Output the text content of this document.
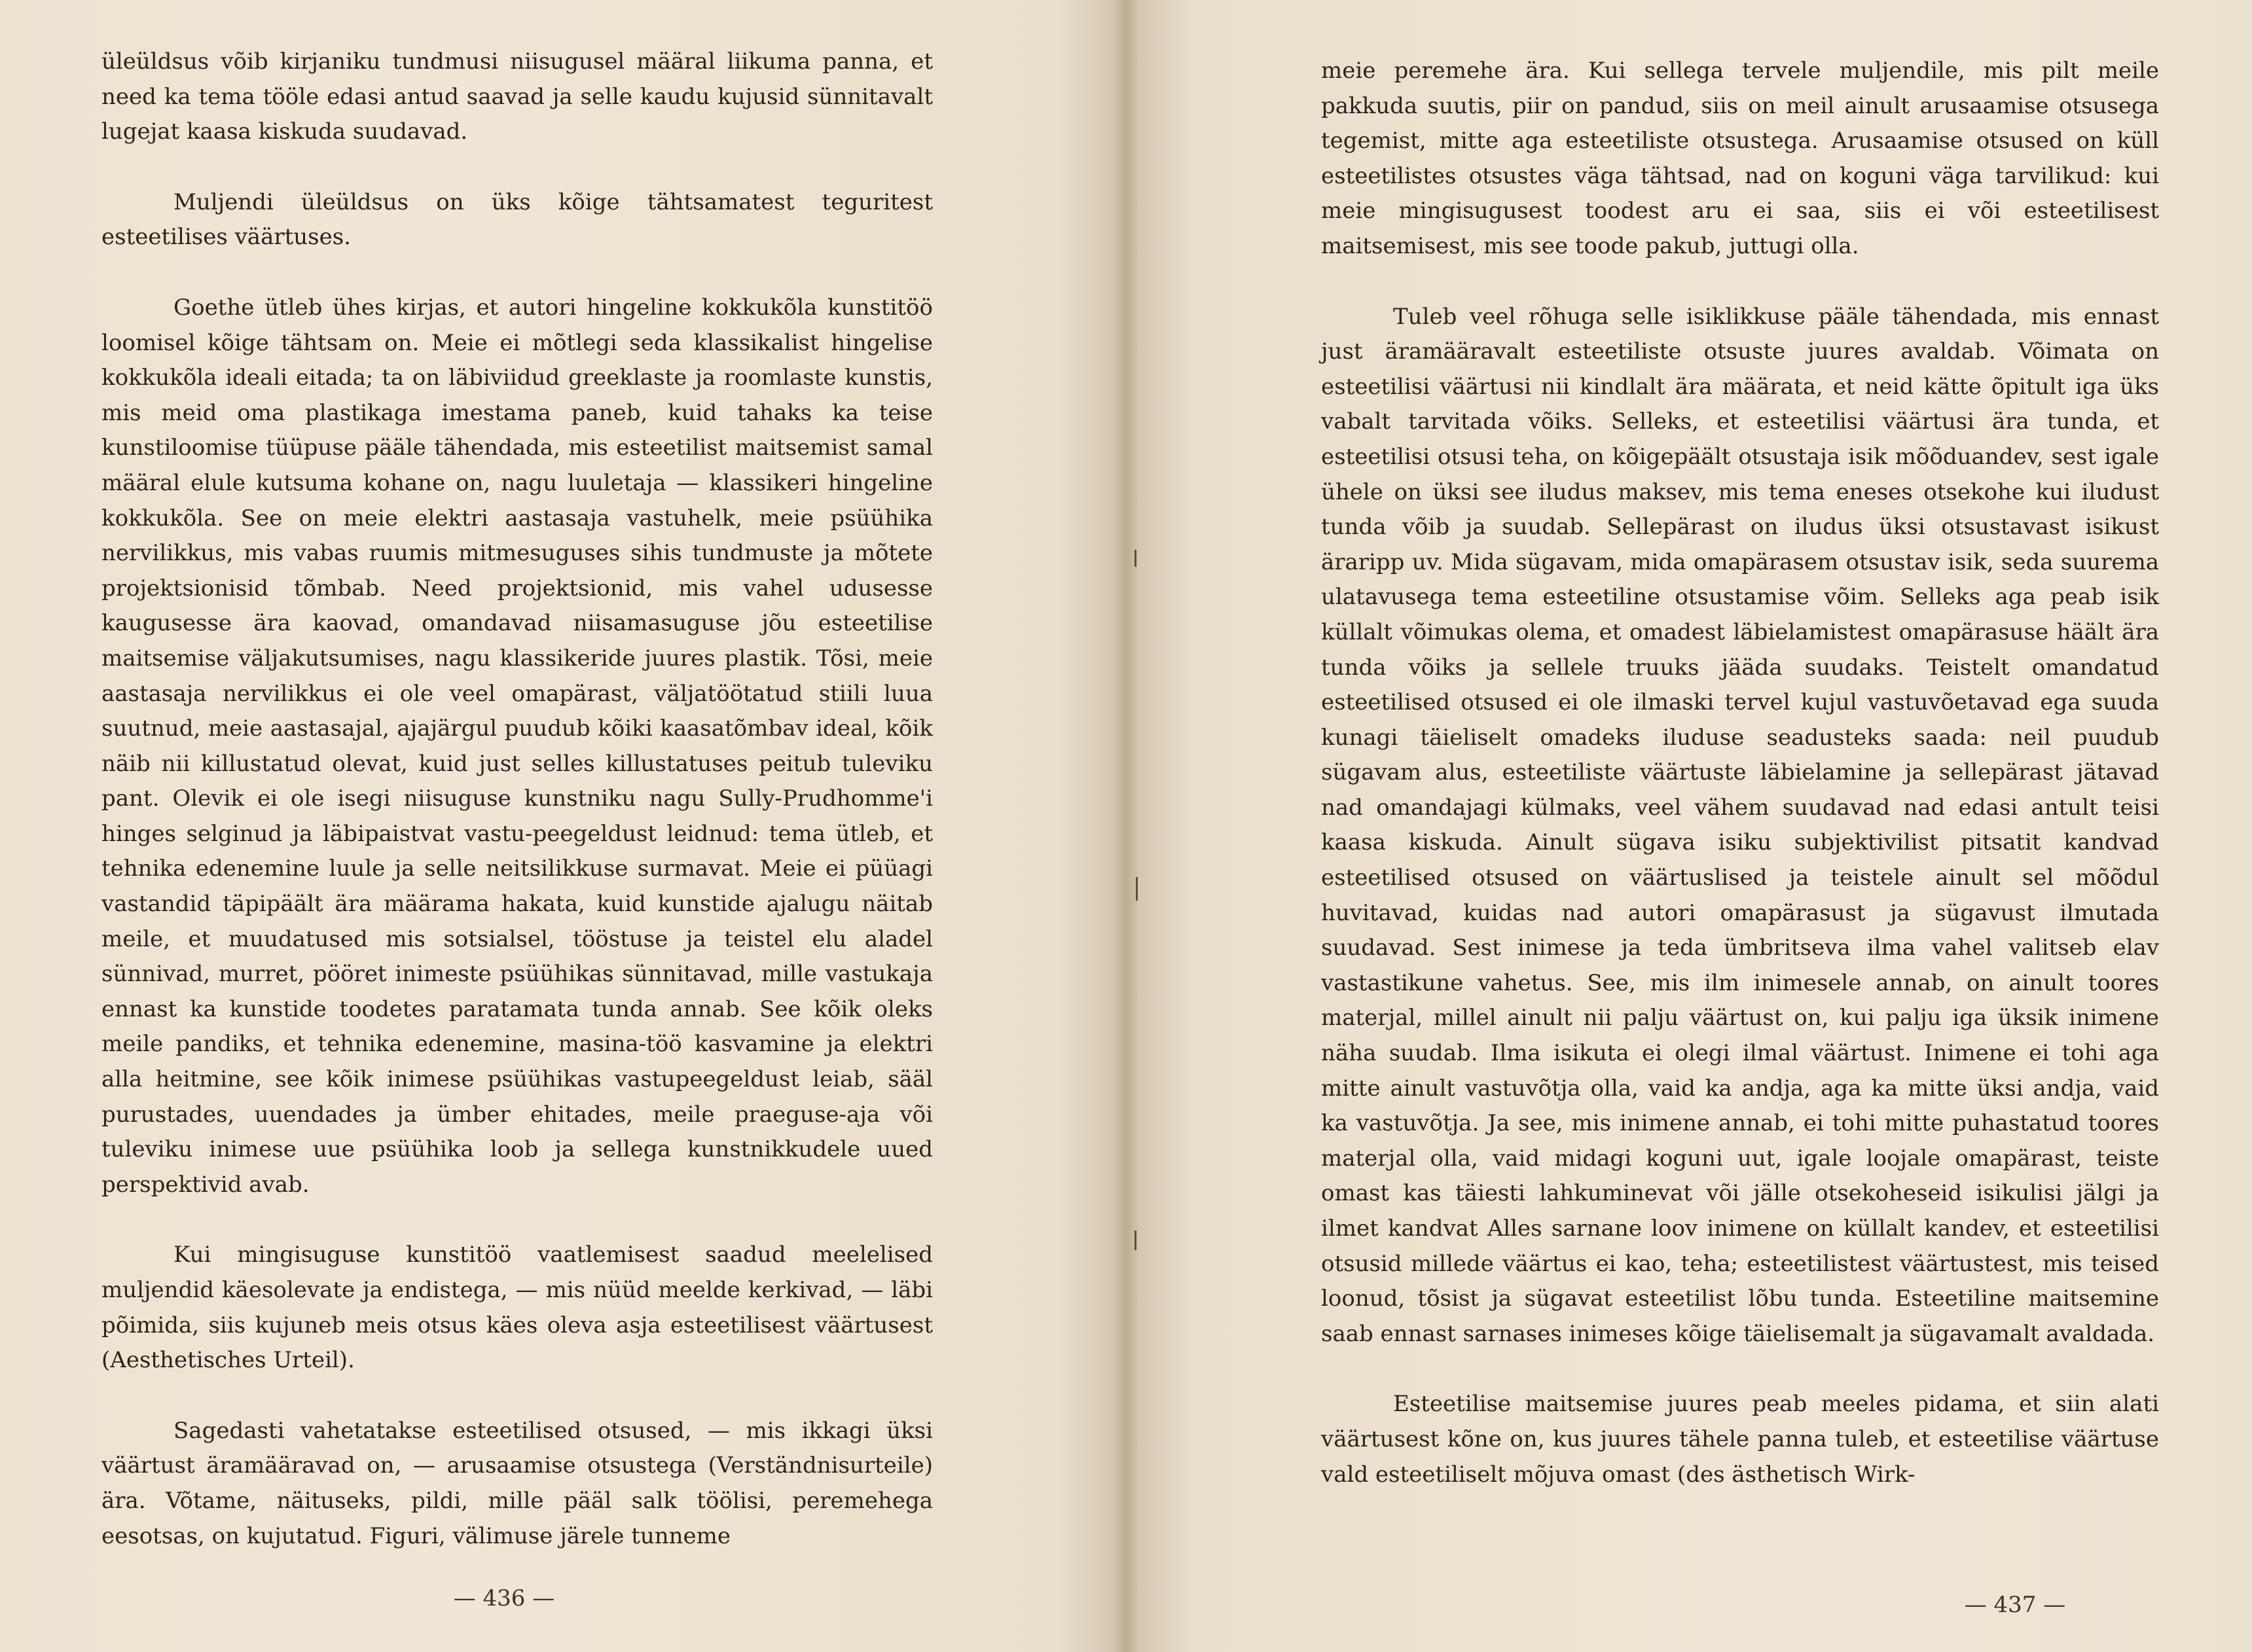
üleüldsus võib kirjaniku tundmusi niisugusel määral liikuma panna, et need ka tema tööle edasi antud saavad ja selle kaudu kujusid sünnitavalt lugejat kaasa kiskuda suudavad.

Muljendi üleüldsus on üks kõige tähtsamatest teguritest esteetilises väärtuses.

Goethe ütleb ühes kirjas, et autori hingeline kokkukõla kunstitöö loomisel kõige tähtsam on. Meie ei mõtlegi seda klassikalist hingelise kokkukõla ideali eitada; ta on läbiviidud greeklaste ja roomlaste kunstis, mis meid oma plastikaga imestama paneb, kuid tahaks ka teise kunstiloomise tüüpuse pääle tähendada, mis esteetilist maitsemist samal määral elule kutsuma kohane on, nagu luuletaja — klassikeri hingeline kokkukõla. See on meie elektri aastasaja vastuhelk, meie psüühika nervilikkus, mis vabas ruumis mitmesuguses sihis tundmuste ja mõtete projektsionisid tõmbab. Need projektsionid, mis vahel udusesse kaugusesse ära kaovad, omandavad niisamasuguse jõu esteetilise maitsemise väljakutsumises, nagu klassikeride juures plastik. Tõsi, meie aastasaja nervilikkus ei ole veel omapärast, väljatöötatud stiili luua suutnud, meie aastasajal, ajajärgul puudub kõiki kaasatõmbav ideal, kõik näib nii killustatud olevat, kuid just selles killustatuses peitub tuleviku pant. Olevik ei ole isegi niisuguse kunstniku nagu Sully-Prudhomme'i hinges selginud ja läbipaistvat vastu-peegeldust leidnud: tema ütleb, et tehnika edenemine luule ja selle neitsilikkuse surmavat. Meie ei püüagi vastandid täpipäält ära määrama hakata, kuid kunstide ajalugu näitab meile, et muudatused mis sotsialsel, tööstuse ja teistel elu aladel sünnivad, murret, pööret inimeste psüühikas sünnitavad, mille vastukaja ennast ka kunstide toodetes paratamata tunda annab. See kõik oleks meile pandiks, et tehnika edenemine, masina-töö kasvamine ja elektri alla heitmine, see kõik inimese psüühikas vastupeegeldust leiab, sääl purustades, uuendades ja ümber ehitades, meile praeguse-aja või tuleviku inimese uue psüühika loob ja sellega kunstnikkudele uued perspektivid avab.

Kui mingisuguse kunstitöö vaatlemisest saadud meelelised muljendid käesolevate ja endistega, — mis nüüd meelde kerkivad, — läbi põimida, siis kujuneb meis otsus käes oleva asja esteetilisest väärtusest (Aesthetisches Urteil).

Sagedasti vahetatakse esteetilised otsused, — mis ikkagi üksi väärtust äramääravad on, — arusaamise otsustega (Verständnisurteile) ära. Võtame, näituseks, pildi, mille pääl salk töölisi, peremehega eesotsas, on kujutatud. Figuri, välimuse järele tunneme

— 436 —

meie peremehe ära. Kui sellega tervele muljendile, mis pilt meile pakkuda suutis, piir on pandud, siis on meil ainult arusaamise otsusega tegemist, mitte aga esteetiliste otsustega. Arusaamise otsused on küll esteetilistes otsustes väga tähtsad, nad on koguni väga tarvilikud: kui meie mingisugusest toodest aru ei saa, siis ei või esteetilisest maitsemisest, mis see toode pakub, juttugi olla.

Tuleb veel rõhuga selle isiklikkuse pääle tähendada, mis ennast just äramääravalt esteetiliste otsuste juures avaldab. Võimata on esteetilisi väärtusi nii kindlalt ära määrata, et neid kätte õpitult iga üks vabalt tarvitada võiks. Selleks, et esteetilisi väärtusi ära tunda, et esteetilisi otsusi teha, on kõigepäält otsustaja isik mõõduandev, sest igale ühele on üksi see iludus maksev, mis tema eneses otsekohe kui iludust tunda võib ja suudab. Sellepärast on iludus üksi otsustavast isikust äraripp uv. Mida sügavam, mida omapärasem otsustav isik, seda suurema ulatavusega tema esteetiline otsustamise võim. Selleks aga peab isik küllalt võimukas olema, et omadest läbielamistest omapärasuse häält ära tunda võiks ja sellele truuks jääda suudaks. Teistelt omandatud esteetilised otsused ei ole ilmaski tervel kujul vastuvõetavad ega suuda kunagi täieliselt omadeks iluduse seadusteks saada: neil puudub sügavam alus, esteetiliste väärtuste läbielamine ja sellepärast jätavad nad omandajagi külmaks, veel vähem suudavad nad edasi antult teisi kaasa kiskuda. Ainult sügava isiku subjektivilist pitsatit kandvad esteetilised otsused on väärtuslised ja teistele ainult sel mõõdul huvitavad, kuidas nad autori omapärasust ja sügavust ilmutada suudavad. Sest inimese ja teda ümbritseva ilma vahel valitseb elav vastastikune vahetus. See, mis ilm inimesele annab, on ainult toores materjal, millel ainult nii palju väärtust on, kui palju iga üksik inimene näha suudab. Ilma isikuta ei olegi ilmal väärtust. Inimene ei tohi aga mitte ainult vastuvõtja olla, vaid ka andja, aga ka mitte üksi andja, vaid ka vastuvõtja. Ja see, mis inimene annab, ei tohi mitte puhastatud toores materjal olla, vaid midagi koguni uut, igale loojale omapärast, teiste omast kas täiesti lahkuminevat või jälle otsekoheseid isikulisi jälgi ja ilmet kandvat Alles sarnane loov inimene on küllalt kandev, et esteetilisi otsusid millede väärtus ei kao, teha; esteetilistest väärtustest, mis teised loonud, tõsist ja sügavat esteetilist lõbu tunda. Esteetiline maitsemine saab ennast sarnases inimeses kõige täielisemalt ja sügavamalt avaldada.

Esteetilise maitsemise juures peab meeles pidama, et siin alati väärtusest kõne on, kus juures tähele panna tuleb, et esteetilise väärtuse vald esteetiliselt mõjuva omast (des ästhetisch Wirk-

— 437 —
